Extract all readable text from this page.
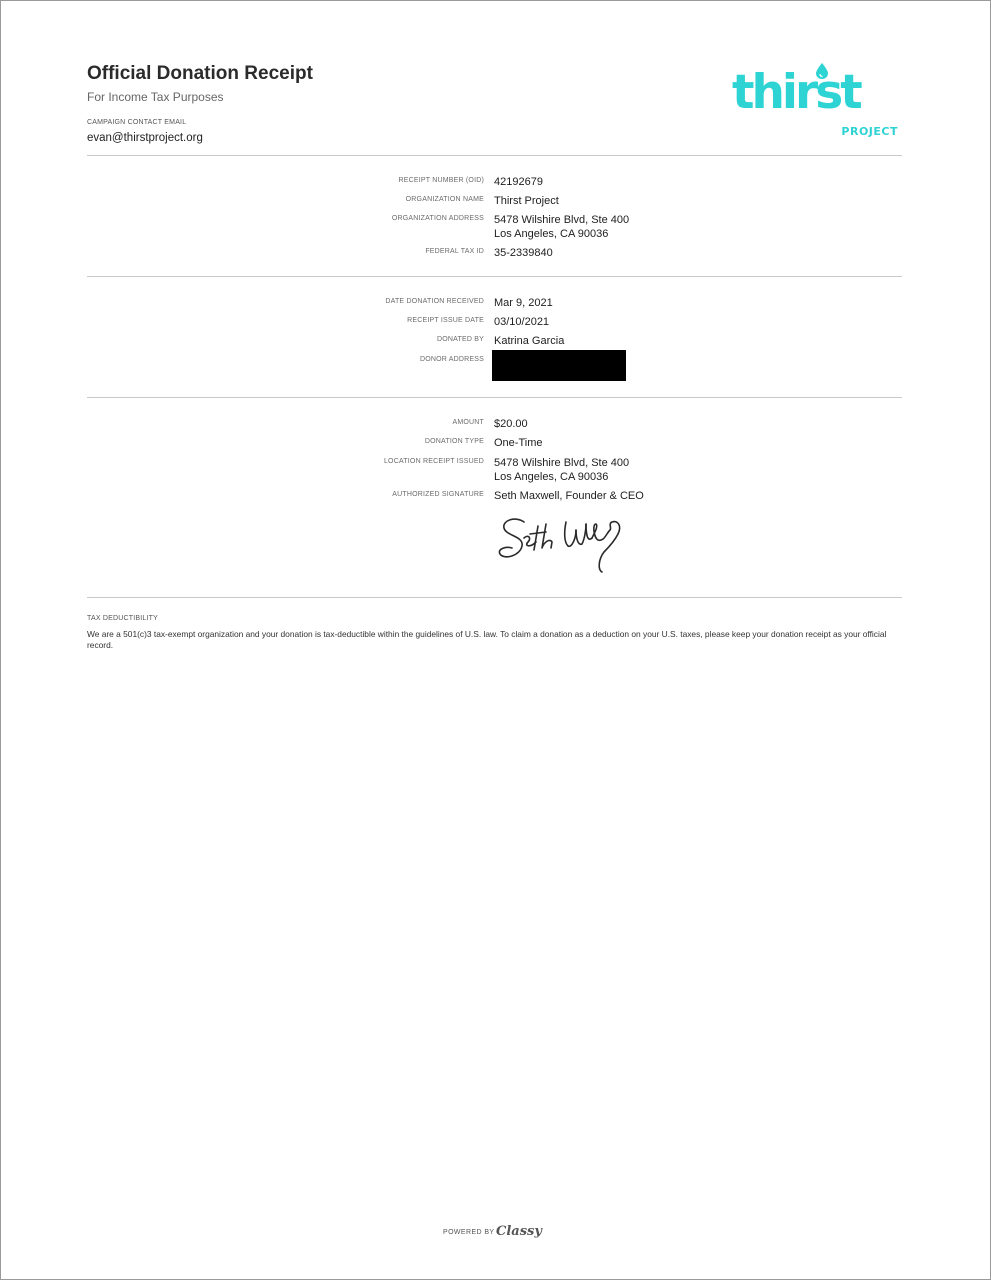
Official Donation Receipt
For Income Tax Purposes
CAMPAIGN CONTACT EMAIL
evan@thirstproject.org
thirst
PROJECT
RECEIPT NUMBER (OID) 42192679
ORGANIZATION NAME Thirst Project
ORGANIZATION ADDRESS 5478 Wilshire Blvd, Ste 400
Los Angeles, CA 90036
FEDERAL TAX ID 35-2339840
DATE DONATION RECEIVED Mar 9, 2021
RECEIPT ISSUE DATE 03/10/2021
DONATED BY Katrina Garcia
DONOR ADDRESS
AMOUNT $20.00
DONATION TYPE One-Time
LOCATION RECEIPT ISSUED 5478 Wilshire Blvd, Ste 400
Los Angeles, CA 90036
AUTHORIZED SIGNATURE Seth Maxwell, Founder & CEO
TAX DEDUCTIBILITY
We are a 501(c)3 tax-exempt organization and your donation is tax-deductible within the guidelines of U.S. law. To claim a donation as a deduction on your U.S. taxes, please keep your donation receipt as your official record.
POWERED BY Classy
